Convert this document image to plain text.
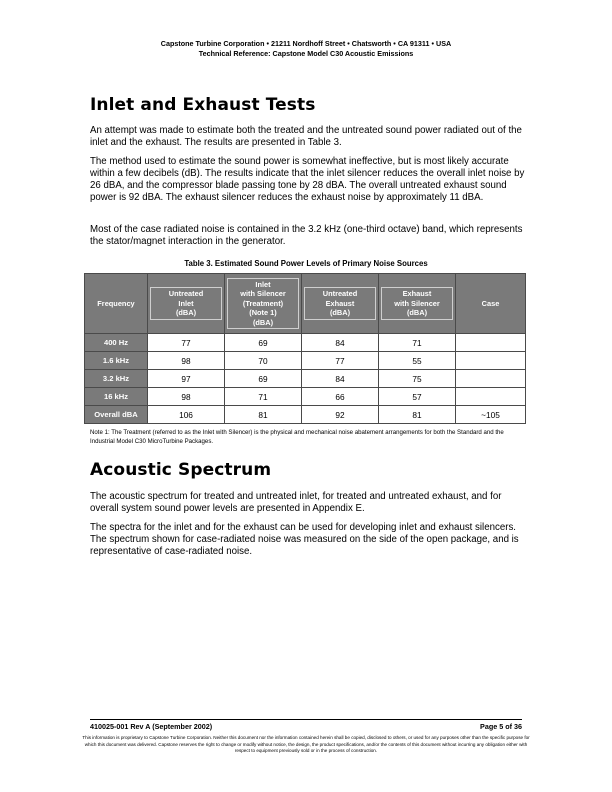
Capstone Turbine Corporation • 21211 Nordhoff Street • Chatsworth • CA 91311 • USA
Technical Reference: Capstone Model C30 Acoustic Emissions
Inlet and Exhaust Tests

An attempt was made to estimate both the treated and the untreated sound power radiated out of the inlet and the exhaust. The results are presented in Table 3.

The method used to estimate the sound power is somewhat ineffective, but is most likely accurate within a few decibels (dB). The results indicate that the inlet silencer reduces the overall inlet noise by 26 dBA, and the compressor blade passing tone by 28 dBA. The overall untreated exhaust sound power is 92 dBA. The exhaust silencer reduces the exhaust noise by approximately 11 dBA.

Most of the case radiated noise is contained in the 3.2 kHz (one-third octave) band, which represents the stator/magnet interaction in the generator.

Table 3. Estimated Sound Power Levels of Primary Noise Sources
Frequency	Untreated
Inlet
(dBA)	Inlet
with Silencer
(Treatment)
(Note 1)
(dBA)	Untreated
Exhaust
(dBA)	Exhaust
with Silencer
(dBA)	Case
400 Hz	77	69	84	71	
1.6 kHz	98	70	77	55	
3.2 kHz	97	69	84	75	
16 kHz	98	71	66	57	
Overall dBA	106	81	92	81	~105

Note 1: The Treatment (referred to as the Inlet with Silencer) is the physical and mechanical noise abatement arrangements for both the Standard and the Industrial Model C30 MicroTurbine Packages.

Acoustic Spectrum

The acoustic spectrum for treated and untreated inlet, for treated and untreated exhaust, and for overall system sound power levels are presented in Appendix E.

The spectra for the inlet and for the exhaust can be used for developing inlet and exhaust silencers. The spectrum shown for case-radiated noise was measured on the side of the open package, and is representative of case-radiated noise.

410025-001 Rev A (September 2002)	Page 5 of 36

This information is proprietary to Capstone Turbine Corporation. Neither this document nor the information contained herein shall be copied, disclosed to others, or used for any purposes other than the specific purpose for which this document was delivered. Capstone reserves the right to change or modify without notice, the design, the product specifications, and/or the contents of this document without incurring any obligation either with respect to equipment previously sold or in the process of construction.
